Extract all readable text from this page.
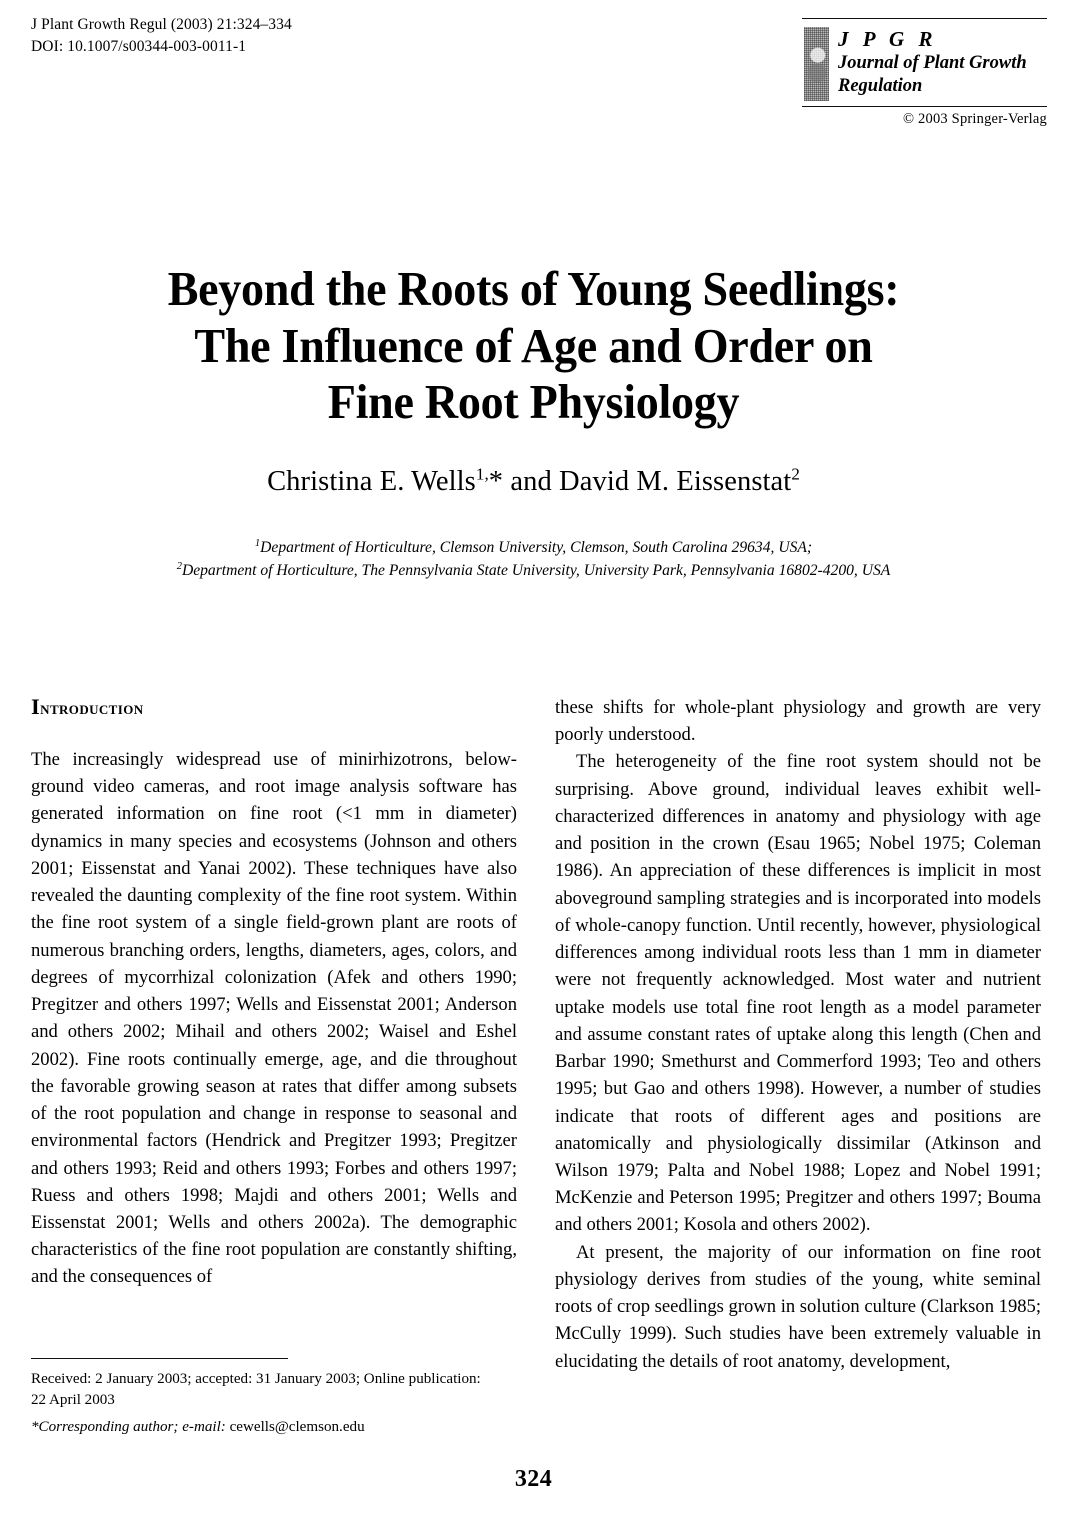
J Plant Growth Regul (2003) 21:324–334
DOI: 10.1007/s00344-003-0011-1	J P G R
Journal of Plant Growth
Regulation
© 2003 Springer-Verlag
Beyond the Roots of Young Seedlings:
The Influence of Age and Order on
Fine Root Physiology
Christina E. Wells$^{1,}$* and David M. Eissenstat$^2$
$^1$Department of Horticulture, Clemson University, Clemson, South Carolina 29634, USA;
$^2$Department of Horticulture, The Pennsylvania State University, University Park, Pennsylvania 16802-4200, USA
Introduction

The increasingly widespread use of minirhizotrons, below-ground video cameras, and root image analysis software has generated information on fine root (<1 mm in diameter) dynamics in many species and ecosystems (Johnson and others 2001; Eissenstat and Yanai 2002). These techniques have also revealed the daunting complexity of the fine root system. Within the fine root system of a single field-grown plant are roots of numerous branching orders, lengths, diameters, ages, colors, and degrees of mycorrhizal colonization (Afek and others 1990; Pregitzer and others 1997; Wells and Eissenstat 2001; Anderson and others 2002; Mihail and others 2002; Waisel and Eshel 2002). Fine roots continually emerge, age, and die throughout the favorable growing season at rates that differ among subsets of the root population and change in response to seasonal and environmental factors (Hendrick and Pregitzer 1993; Pregitzer and others 1993; Reid and others 1993; Forbes and others 1997; Ruess and others 1998; Majdi and others 2001; Wells and Eissenstat 2001; Wells and others 2002a). The demographic characteristics of the fine root population are constantly shifting, and the consequences of

these shifts for whole-plant physiology and growth are very poorly understood.

The heterogeneity of the fine root system should not be surprising. Above ground, individual leaves exhibit well-characterized differences in anatomy and physiology with age and position in the crown (Esau 1965; Nobel 1975; Coleman 1986). An appreciation of these differences is implicit in most aboveground sampling strategies and is incorporated into models of whole-canopy function. Until recently, however, physiological differences among individual roots less than 1 mm in diameter were not frequently acknowledged. Most water and nutrient uptake models use total fine root length as a model parameter and assume constant rates of uptake along this length (Chen and Barbar 1990; Smethurst and Commerford 1993; Teo and others 1995; but Gao and others 1998). However, a number of studies indicate that roots of different ages and positions are anatomically and physiologically dissimilar (Atkinson and Wilson 1979; Palta and Nobel 1988; Lopez and Nobel 1991; McKenzie and Peterson 1995; Pregitzer and others 1997; Bouma and others 2001; Kosola and others 2002).

At present, the majority of our information on fine root physiology derives from studies of the young, white seminal roots of crop seedlings grown in solution culture (Clarkson 1985; McCully 1999). Such studies have been extremely valuable in elucidating the details of root anatomy, development,

Received: 2 January 2003; accepted: 31 January 2003; Online publication:

22 April 2003

*Corresponding author; e-mail: cewells@clemson.edu

324
